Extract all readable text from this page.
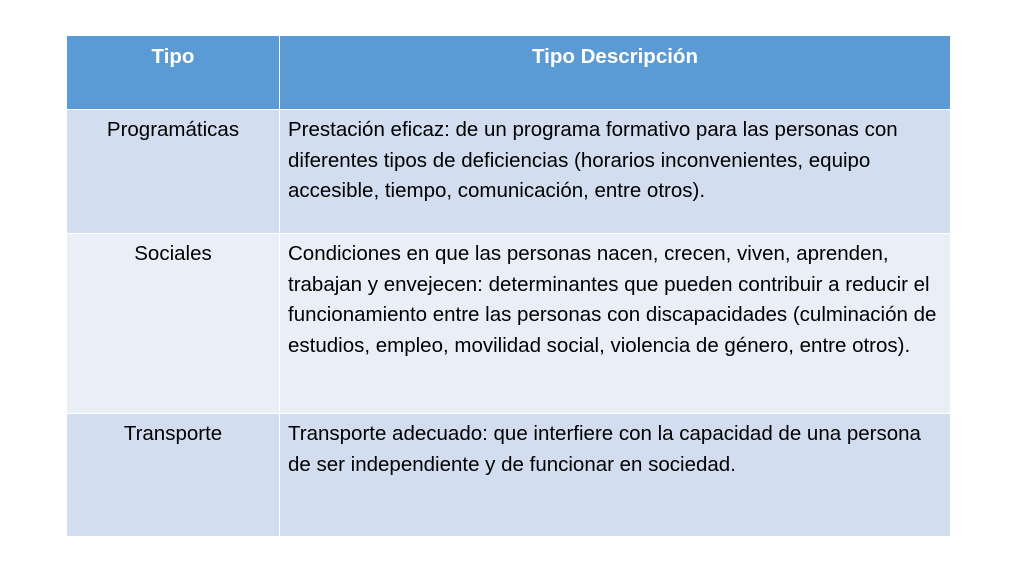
Tipo	Tipo Descripción
Programáticas	Prestación eficaz: de un programa formativo para las personas con diferentes tipos de deficiencias (horarios inconvenientes, equipo accesible, tiempo, comunicación, entre otros).
Sociales	Condiciones en que las personas nacen, crecen, viven, aprenden, trabajan y envejecen: determinantes que pueden contribuir a reducir el funcionamiento entre las personas con discapacidades (culminación de estudios, empleo, movilidad social, violencia de género, entre otros).
Transporte	Transporte adecuado: que interfiere con la capacidad de una persona de ser independiente y de funcionar en sociedad.
